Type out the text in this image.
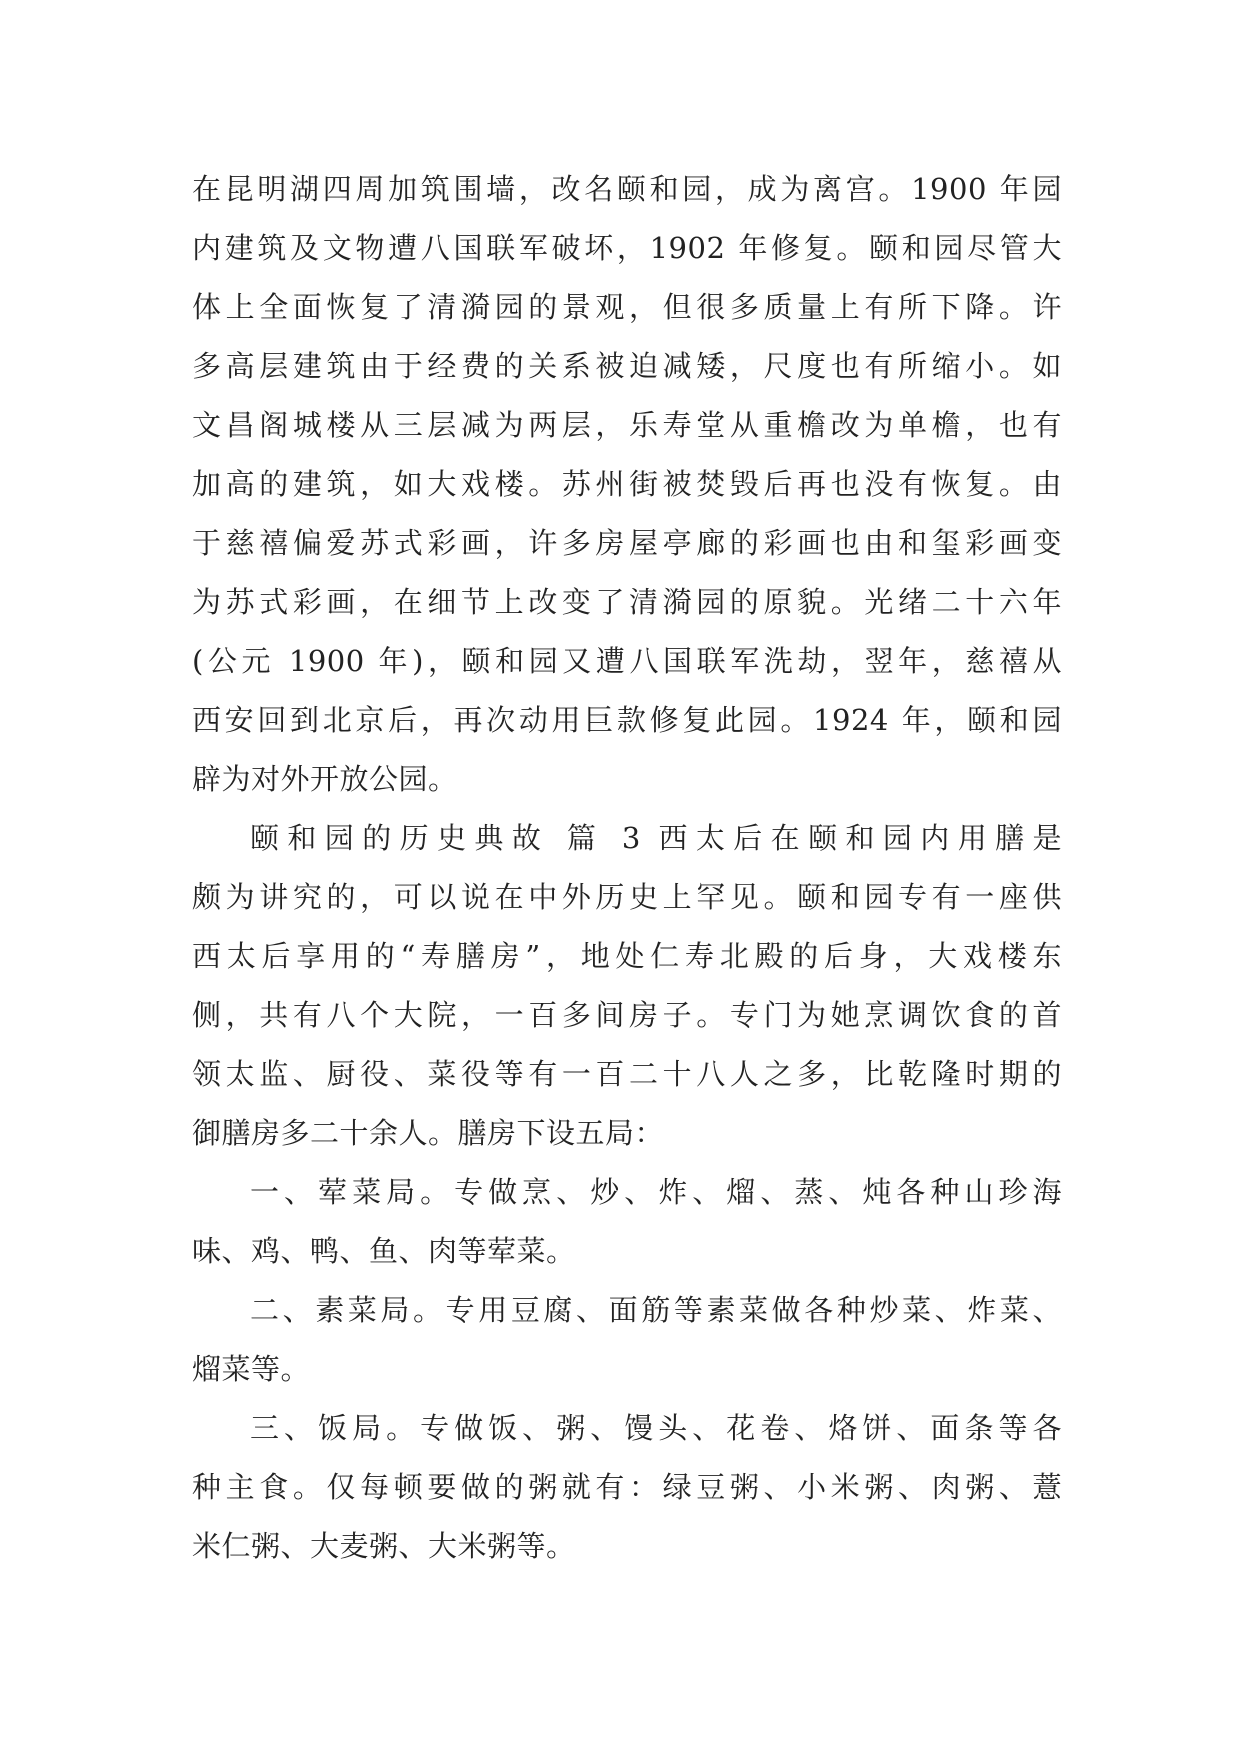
在昆明湖四周加筑围墙，改名颐和园，成为离宫。1900 年园
内建筑及文物遭八国联军破坏，1902 年修复。颐和园尽管大
体上全面恢复了清漪园的景观，但很多质量上有所下降。许
多高层建筑由于经费的关系被迫减矮，尺度也有所缩小。如
文昌阁城楼从三层减为两层，乐寿堂从重檐改为单檐，也有
加高的建筑，如大戏楼。苏州街被焚毁后再也没有恢复。由
于慈禧偏爱苏式彩画，许多房屋亭廊的彩画也由和玺彩画变
为苏式彩画，在细节上改变了清漪园的原貌。光绪二十六年
(公元 1900 年)，颐和园又遭八国联军洗劫，翌年，慈禧从
西安回到北京后，再次动用巨款修复此园。1924 年，颐和园
辟为对外开放公园。
颐和园的历史典故 篇 3 西太后在颐和园内用膳是
颇为讲究的，可以说在中外历史上罕见。颐和园专有一座供
西太后享用的“寿膳房”，地处仁寿北殿的后身，大戏楼东
侧，共有八个大院，一百多间房子。专门为她烹调饮食的首
领太监、厨役、菜役等有一百二十八人之多，比乾隆时期的
御膳房多二十余人。膳房下设五局：
一、荤菜局。专做烹、炒、炸、熘、蒸、炖各种山珍海
味、鸡、鸭、鱼、肉等荤菜。
二、素菜局。专用豆腐、面筋等素菜做各种炒菜、炸菜、
熘菜等。
三、饭局。专做饭、粥、馒头、花卷、烙饼、面条等各
种主食。仅每顿要做的粥就有：绿豆粥、小米粥、肉粥、薏
米仁粥、大麦粥、大米粥等。
